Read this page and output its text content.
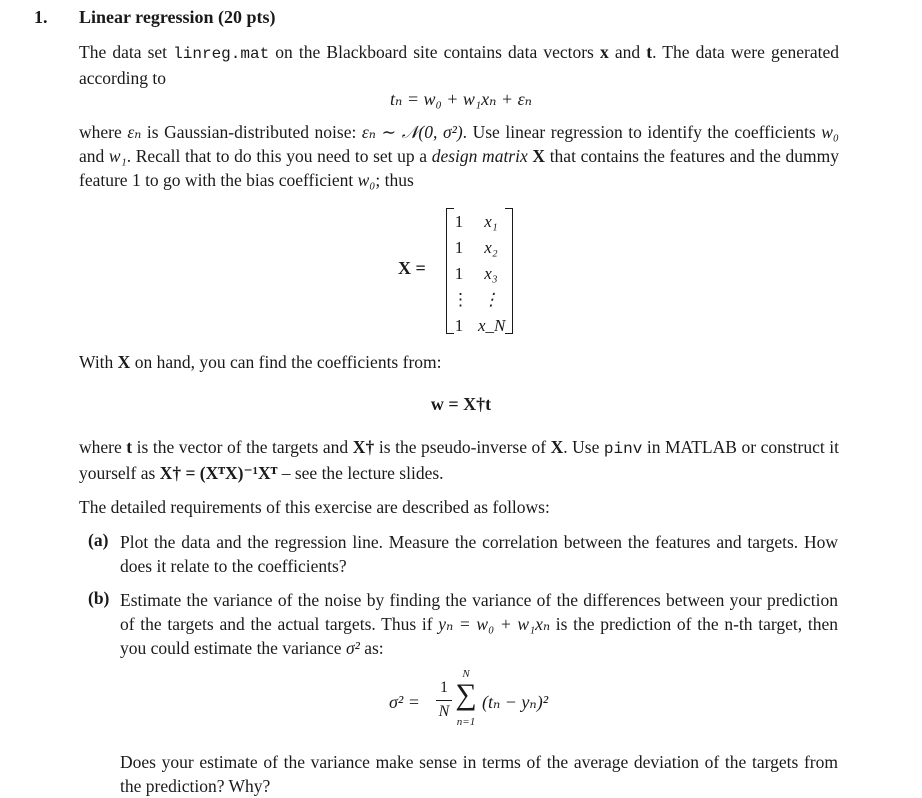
1. Linear regression (20 pts)
The data set linreg.mat on the Blackboard site contains data vectors x and t. The data were generated according to
tₙ = w₀ + w₁xₙ + εₙ
where εₙ is Gaussian-distributed noise: εₙ ∼ 𝒩(0, σ²). Use linear regression to identify the coefficients w₀ and w₁. Recall that to do this you need to set up a design matrix X that contains the features and the dummy feature 1 to go with the bias coefficient w₀; thus
X =
1
1
1
⋮
1
x₁
x₂
x₃
⋮
x_N
With X on hand, you can find the coefficients from:
w = X†t
where t is the vector of the targets and X† is the pseudo-inverse of X. Use pinv in MATLAB or construct it yourself as X† = (XᵀX)⁻¹Xᵀ – see the lecture slides.
The detailed requirements of this exercise are described as follows:
(a) Plot the data and the regression line. Measure the correlation between the features and targets. How does it relate to the coefficients?
(b) Estimate the variance of the noise by finding the variance of the differences between your prediction of the targets and the actual targets. Thus if yₙ = w₀ + w₁xₙ is the prediction of the n-th target, then you could estimate the variance σ² as:
σ² =
1
N
N
∑
n=1
(tₙ − yₙ)²
Does your estimate of the variance make sense in terms of the average deviation of the targets from the prediction? Why?
